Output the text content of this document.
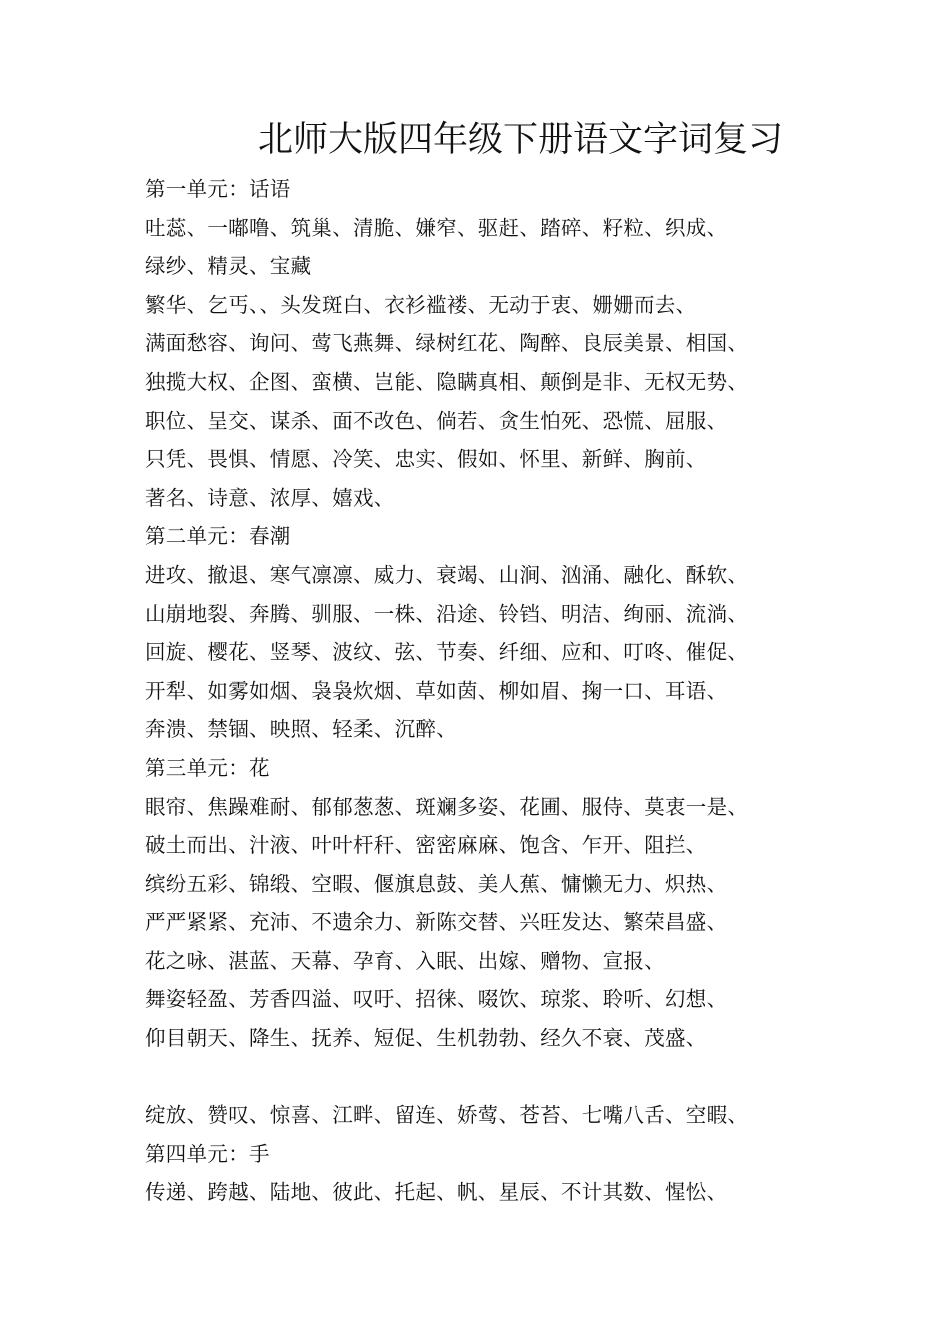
北师大版四年级下册语文字词复习
第一单元：话语
吐蕊、一嘟噜、筑巢、清脆、嫌窄、驱赶、踏碎、籽粒、织成、
绿纱、精灵、宝藏
繁华、乞丐、、头发斑白、衣衫褴褛、无动于衷、姗姗而去、
满面愁容、询问、莺飞燕舞、绿树红花、陶醉、良辰美景、相国、
独揽大权、企图、蛮横、岂能、隐瞒真相、颠倒是非、无权无势、
职位、呈交、谋杀、面不改色、倘若、贪生怕死、恐慌、屈服、
只凭、畏惧、情愿、冷笑、忠实、假如、怀里、新鲜、胸前、
著名、诗意、浓厚、嬉戏、
第二单元：春潮
进攻、撤退、寒气凛凛、威力、衰竭、山涧、汹涌、融化、酥软、
山崩地裂、奔腾、驯服、一株、沿途、铃铛、明洁、绚丽、流淌、
回旋、樱花、竖琴、波纹、弦、节奏、纤细、应和、叮咚、催促、
开犁、如雾如烟、袅袅炊烟、草如茵、柳如眉、掬一口、耳语、
奔溃、禁锢、映照、轻柔、沉醉、
第三单元：花
眼帘、焦躁难耐、郁郁葱葱、斑斓多姿、花圃、服侍、莫衷一是、
破土而出、汁液、叶叶杆秆、密密麻麻、饱含、乍开、阻拦、
缤纷五彩、锦缎、空暇、偃旗息鼓、美人蕉、慵懒无力、炽热、
严严紧紧、充沛、不遗余力、新陈交替、兴旺发达、繁荣昌盛、
花之咏、湛蓝、天幕、孕育、入眠、出嫁、赠物、宣报、
舞姿轻盈、芳香四溢、叹吁、招徕、啜饮、琼浆、聆听、幻想、
仰目朝天、降生、抚养、短促、生机勃勃、经久不衰、茂盛、
绽放、赞叹、惊喜、江畔、留连、娇莺、苍苔、七嘴八舌、空暇、
第四单元：手
传递、跨越、陆地、彼此、托起、帆、星辰、不计其数、惺忪、
